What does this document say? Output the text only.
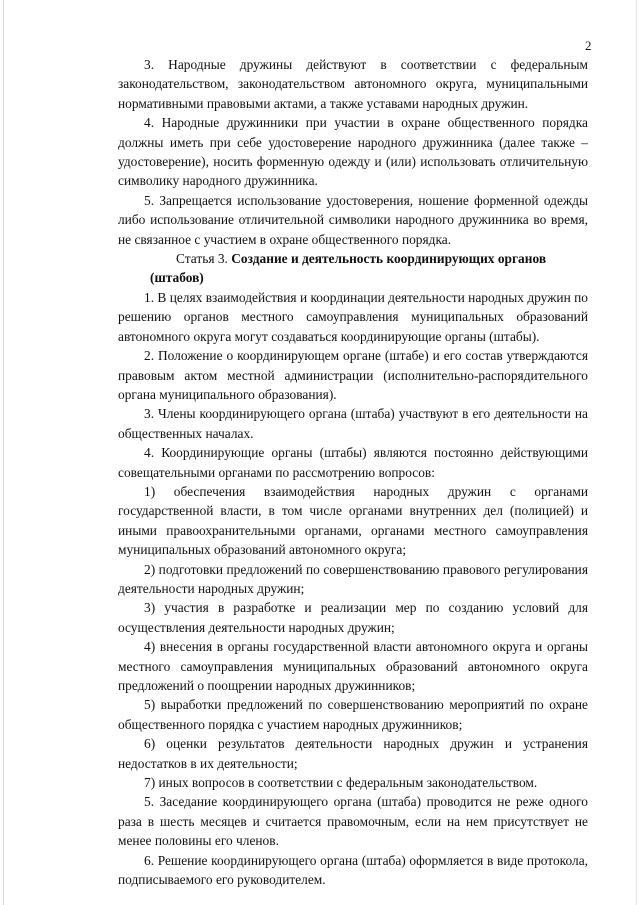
2

3. Народные дружины действуют в соответствии с федеральным законодательством, законодательством автономного округа, муниципальными нормативными правовыми актами, а также уставами народных дружин.

4. Народные дружинники при участии в охране общественного порядка должны иметь при себе удостоверение народного дружинника (далее также – удостоверение), носить форменную одежду и (или) использовать отличительную символику народного дружинника.

5. Запрещается использование удостоверения, ношение форменной одежды либо использование отличительной символики народного дружинника во время, не связанное с участием в охране общественного порядка.

Статья 3. Создание и деятельность координирующих органов (штабов)

1. В целях взаимодействия и координации деятельности народных дружин по решению органов местного самоуправления муниципальных образований автономного округа могут создаваться координирующие органы (штабы).

2. Положение о координирующем органе (штабе) и его состав утверждаются правовым актом местной администрации (исполнительно-распорядительного органа муниципального образования).

3. Члены координирующего органа (штаба) участвуют в его деятельности на общественных началах.

4. Координирующие органы (штабы) являются постоянно действующими совещательными органами по рассмотрению вопросов:

1) обеспечения взаимодействия народных дружин с органами государственной власти, в том числе органами внутренних дел (полицией) и иными правоохранительными органами, органами местного самоуправления муниципальных образований автономного округа;

2) подготовки предложений по совершенствованию правового регулирования деятельности народных дружин;

3) участия в разработке и реализации мер по созданию условий для осуществления деятельности народных дружин;

4) внесения в органы государственной власти автономного округа и органы местного самоуправления муниципальных образований автономного округа предложений о поощрении народных дружинников;

5) выработки предложений по совершенствованию мероприятий по охране общественного порядка с участием народных дружинников;

6) оценки результатов деятельности народных дружин и устранения недостатков в их деятельности;

7) иных вопросов в соответствии с федеральным законодательством.

5. Заседание координирующего органа (штаба) проводится не реже одного раза в шесть месяцев и считается правомочным, если на нем присутствует не менее половины его членов.

6. Решение координирующего органа (штаба) оформляется в виде протокола, подписываемого его руководителем.
